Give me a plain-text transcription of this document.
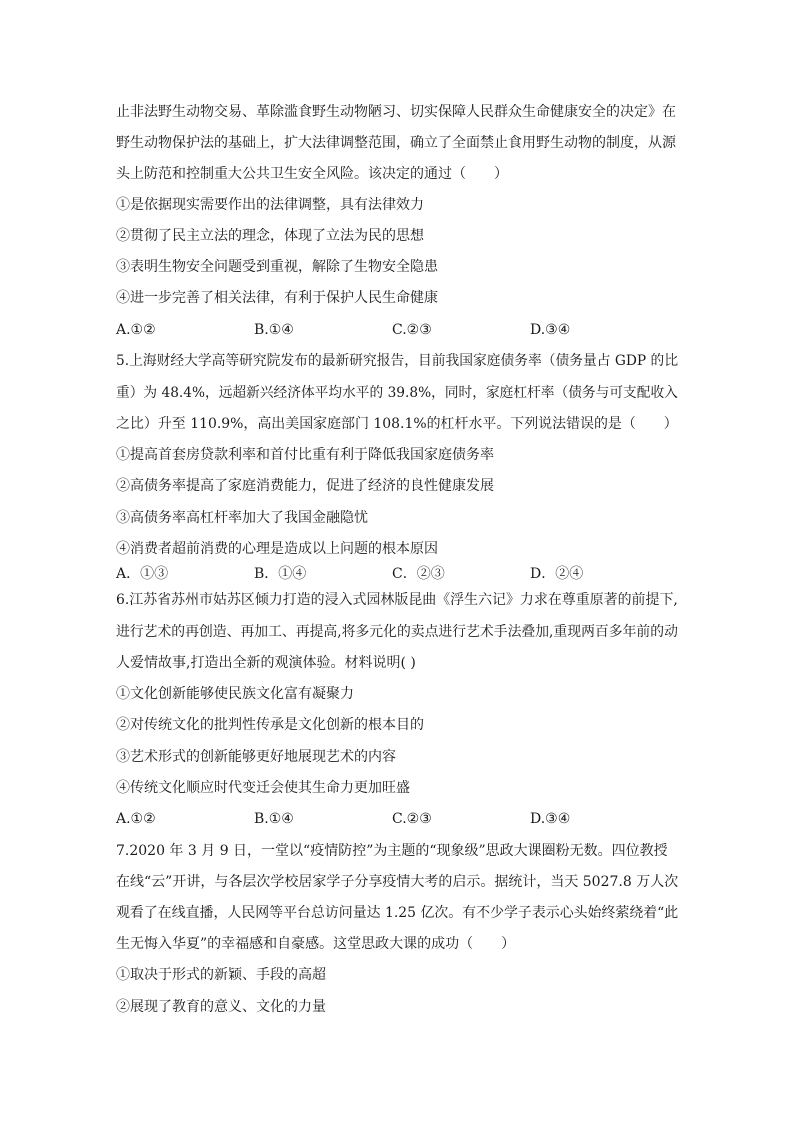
止非法野生动物交易、革除滥食野生动物陋习、切实保障人民群众生命健康安全的决定》在
野生动物保护法的基础上，扩大法律调整范围，确立了全面禁止食用野生动物的制度，从源
头上防范和控制重大公共卫生安全风险。该决定的通过（　　）
①是依据现实需要作出的法律调整，具有法律效力
②贯彻了民主立法的理念，体现了立法为民的思想
③表明生物安全问题受到重视，解除了生物安全隐患
④进一步完善了相关法律，有利于保护人民生命健康
A.①②	B.①④	C.②③	D.③④
5.上海财经大学高等研究院发布的最新研究报告，目前我国家庭债务率（债务量占 GDP 的比
重）为 48.4%，远超新兴经济体平均水平的 39.8%，同时，家庭杠杆率（债务与可支配收入
之比）升至 110.9%，高出美国家庭部门 108.1%的杠杆水平。下列说法错误的是（　　）
①提高首套房贷款利率和首付比重有利于降低我国家庭债务率
②高债务率提高了家庭消费能力，促进了经济的良性健康发展
③高债务率高杠杆率加大了我国金融隐忧
④消费者超前消费的心理是造成以上问题的根本原因
A．①③	B．①④	C．②③	D．②④
6.江苏省苏州市姑苏区倾力打造的浸入式园林版昆曲《浮生六记》力求在尊重原著的前提下,
进行艺术的再创造、再加工、再提高,将多元化的卖点进行艺术手法叠加,重现两百多年前的动
人爱情故事,打造出全新的观演体验。材料说明( )
①文化创新能够使民族文化富有凝聚力
②对传统文化的批判性传承是文化创新的根本目的
③艺术形式的创新能够更好地展现艺术的内容
④传统文化顺应时代变迁会使其生命力更加旺盛
A.①②	B.①④	C.②③	D.③④
7.2020 年 3 月 9 日，一堂以“疫情防控”为主题的“现象级”思政大课圈粉无数。四位教授
在线“云”开讲，与各层次学校居家学子分享疫情大考的启示。据统计，当天 5027.8 万人次
观看了在线直播，人民网等平台总访问量达 1.25 亿次。有不少学子表示心头始终萦绕着“此
生无悔入华夏”的幸福感和自豪感。这堂思政大课的成功（　　）
①取决于形式的新颖、手段的高超
②展现了教育的意义、文化的力量
